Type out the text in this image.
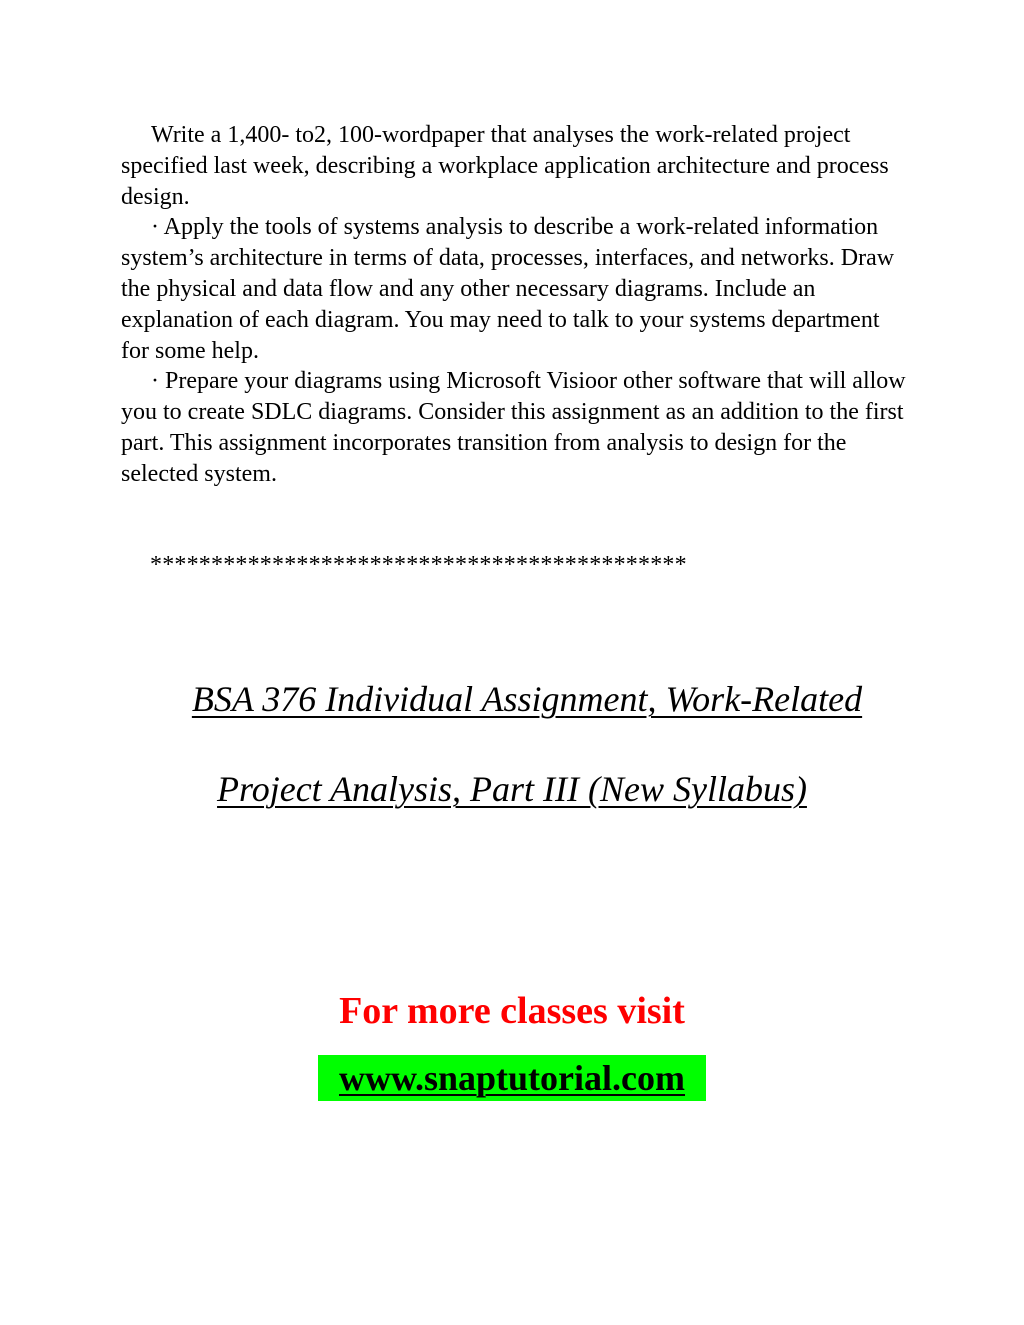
Write a 1,400- to2, 100-wordpaper that analyses the work-related project specified last week, describing a workplace application architecture and process design.

· Apply the tools of systems analysis to describe a work-related information system’s architecture in terms of data, processes, interfaces, and networks. Draw the physical and data flow and any other necessary diagrams. Include an explanation of each diagram. You may need to talk to your systems department for some help.

· Prepare your diagrams using Microsoft Visioor other software that will allow you to create SDLC diagrams. Consider this assignment as an addition to the first part. This assignment incorporates transition from analysis to design for the selected system.

********************************************
BSA 376 Individual Assignment, Work-Related
Project Analysis, Part III (New Syllabus)
For more classes visit
www.snaptutorial.com
